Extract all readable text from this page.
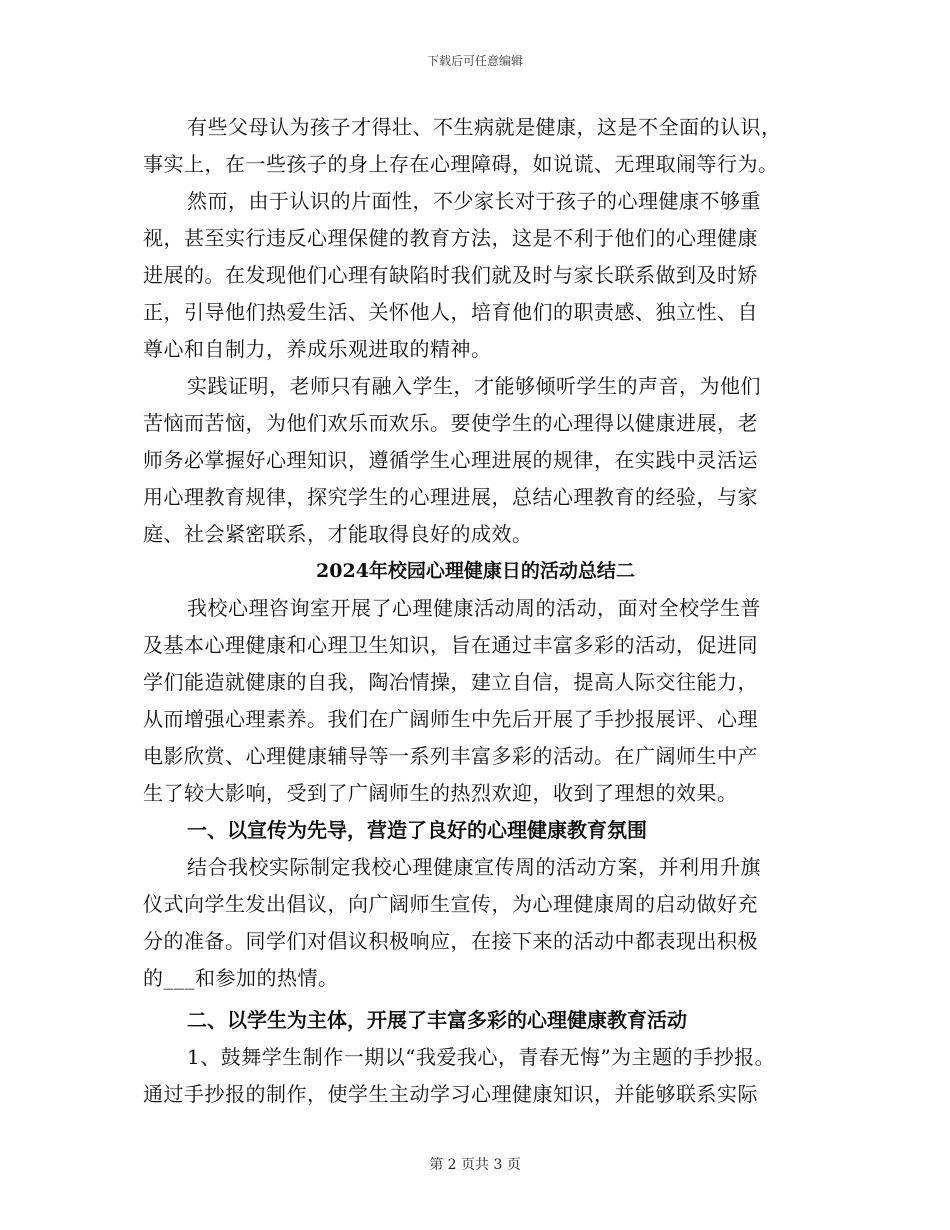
下载后可任意编辑
有些父母认为孩子才得壮、不生病就是健康，这是不全面的认识，
事实上，在一些孩子的身上存在心理障碍，如说谎、无理取闹等行为。
然而，由于认识的片面性，不少家长对于孩子的心理健康不够重
视，甚至实行违反心理保健的教育方法，这是不利于他们的心理健康
进展的。在发现他们心理有缺陷时我们就及时与家长联系做到及时矫
正，引导他们热爱生活、关怀他人，培育他们的职责感、独立性、自
尊心和自制力，养成乐观进取的精神。
实践证明，老师只有融入学生，才能够倾听学生的声音，为他们
苦恼而苦恼，为他们欢乐而欢乐。要使学生的心理得以健康进展，老
师务必掌握好心理知识，遵循学生心理进展的规律，在实践中灵活运
用心理教育规律，探究学生的心理进展，总结心理教育的经验，与家
庭、社会紧密联系，才能取得良好的成效。
2024年校园心理健康日的活动总结二
我校心理咨询室开展了心理健康活动周的活动，面对全校学生普
及基本心理健康和心理卫生知识，旨在通过丰富多彩的活动，促进同
学们能造就健康的自我，陶冶情操，建立自信，提高人际交往能力，
从而增强心理素养。我们在广阔师生中先后开展了手抄报展评、心理
电影欣赏、心理健康辅导等一系列丰富多彩的活动。在广阔师生中产
生了较大影响，受到了广阔师生的热烈欢迎，收到了理想的效果。
一、以宣传为先导，营造了良好的心理健康教育氛围
结合我校实际制定我校心理健康宣传周的活动方案，并利用升旗
仪式向学生发出倡议，向广阔师生宣传，为心理健康周的启动做好充
分的准备。同学们对倡议积极响应，在接下来的活动中都表现出积极
的___和参加的热情。
二、以学生为主体，开展了丰富多彩的心理健康教育活动
1、鼓舞学生制作一期以“我爱我心，青春无悔”为主题的手抄报。
通过手抄报的制作，使学生主动学习心理健康知识，并能够联系实际
第 2 页共 3 页
